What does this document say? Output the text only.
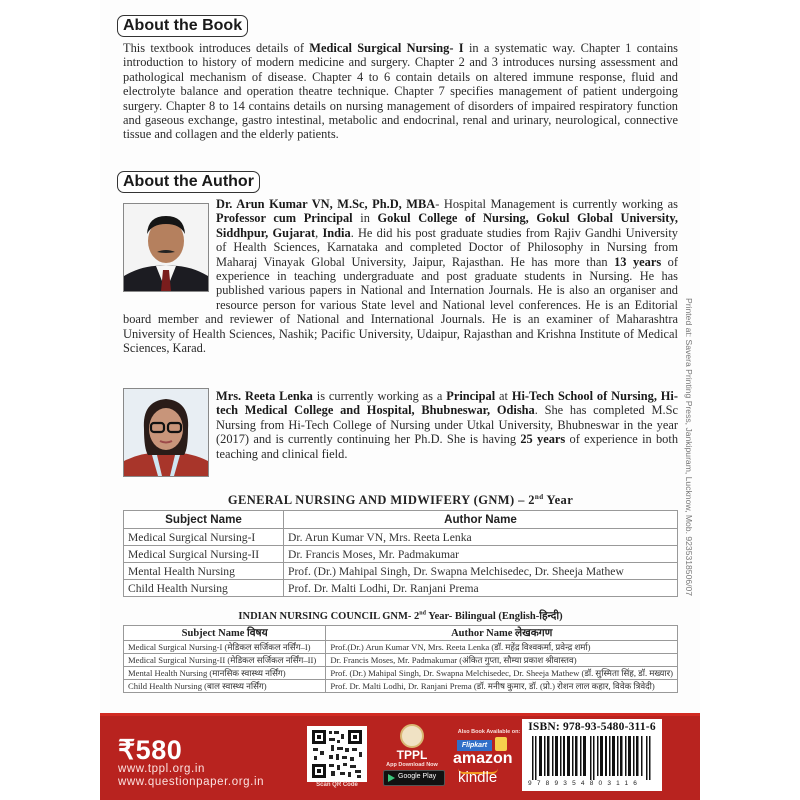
About the Book
This textbook introduces details of Medical Surgical Nursing- I in a systematic way. Chapter 1 contains introduction to history of modern medicine and surgery. Chapter 2 and 3 introduces nursing assessment and pathological mechanism of disease. Chapter 4 to 6 contain details on altered immune response, fluid and electrolyte balance and operation theatre technique. Chapter 7 specifies management of patient undergoing surgery. Chapter 8 to 14 contains details on nursing management of disorders of impaired respiratory function and gaseous exchange, gastro intestinal, metabolic and endocrinal, renal and urinary, neurological, connective tissue and collagen and the elderly patients.
About the Author
Dr. Arun Kumar VN, M.Sc, Ph.D, MBA- Hospital Management is currently working as Professor cum Principal in Gokul College of Nursing, Gokul Global University, Siddhpur, Gujarat, India. He did his post graduate studies from Rajiv Gandhi University of Health Sciences, Karnataka and completed Doctor of Philosophy in Nursing from Maharaj Vinayak Global University, Jaipur, Rajasthan. He has more than 13 years of experience in teaching undergraduate and post graduate students in Nursing. He has published various papers in National and Internation Journals. He is also an organiser and resource person for various State level and National level conferences. He is an Editorial board member and reviewer of National and International Journals. He is an examiner of Maharashtra University of Health Sciences, Nashik; Pacific University, Udaipur, Rajasthan and Krishna Institute of Medical Sciences, Karad.
Mrs. Reeta Lenka is currently working as a Principal at Hi-Tech School of Nursing, Hi-tech Medical College and Hospital, Bhubneswar, Odisha. She has completed M.Sc Nursing from Hi-Tech College of Nursing under Utkal University, Bhubneswar in the year (2017) and is currently continuing her Ph.D. She is having 25 years of experience in both teaching and clinical field.	Printed at: Savera Printing Press, Jankipuram, Lucknow, Mob. 9235318506/07
GENERAL NURSING AND MIDWIFERY (GNM) – 2nd Year
Subject Name	Author Name
Medical Surgical Nursing-I	Dr. Arun Kumar VN, Mrs. Reeta Lenka
Medical Surgical Nursing-II	Dr. Francis Moses, Mr. Padmakumar
Mental Health Nursing	Prof. (Dr.) Mahipal Singh, Dr. Swapna Melchisedec, Dr. Sheeja Mathew
Child Health Nursing	Prof. Dr. Malti Lodhi, Dr. Ranjani Prema
INDIAN NURSING COUNCIL GNM- 2nd Year- Bilingual (English-हिन्दी)
Subject Name विषय	Author Name लेखकगण
Medical Surgical Nursing-I (मेडिकल सर्जिकल नर्सिंग–I)	Prof.(Dr.) Arun Kumar VN, Mrs. Reeta Lenka (डॉ. महेंद्र विश्वकर्मा, प्रवेन्द्र शर्मा)
Medical Surgical Nursing-II (मेडिकल सर्जिकल नर्सिंग–II)	Dr. Francis Moses, Mr. Padmakumar (अंकित गुप्ता, सौम्या प्रकाश श्रीवास्तव)
Mental Health Nursing (मानसिक स्वास्थ्य नर्सिंग)	Prof. (Dr.) Mahipal Singh, Dr. Swapna Melchisedec, Dr. Sheeja Mathew (डॉ. सुस्मिता सिंह, डॉ. मख्यार)
Child Health Nursing (बाल स्वास्थ्य नर्सिंग)	Prof. Dr. Malti Lodhi, Dr. Ranjani Prema (डॉ. मनीष कुमार, डॉ. (प्रो.) रोशन लाल कहार, विवेक त्रिवेदी)
₹580
www.tppl.org.in
www.questionpaper.org.in	Scan QR Code
TPPL
App Download Now
Google Play
Also Book Available on:
Flipkart
amazon
kindle
ISBN: 978-93-5480-311-6
9789354803116
